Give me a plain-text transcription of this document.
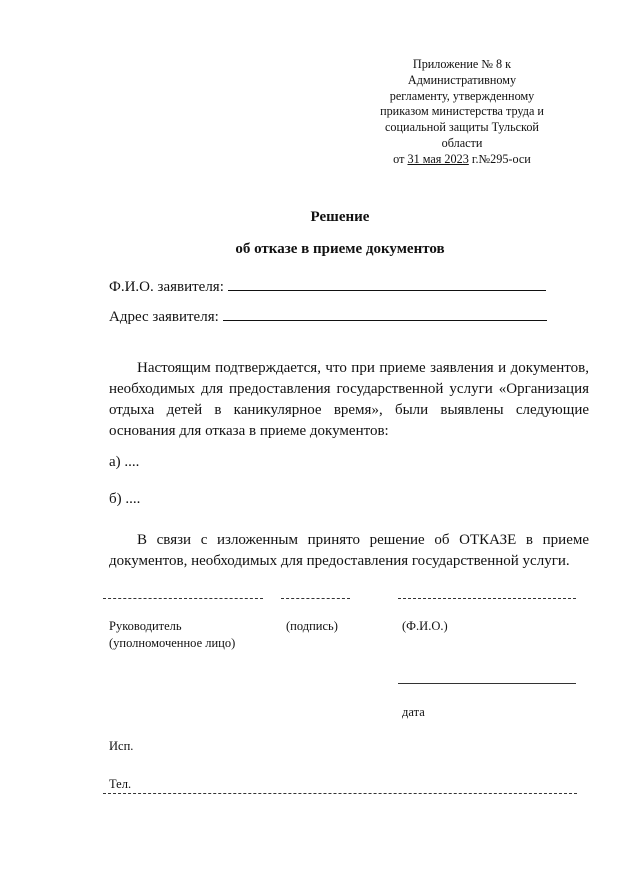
Приложение № 8 к
Административному
регламенту, утвержденному
приказом министерства труда и
социальной защиты Тульской
области
от 31 мая 2023 г.№295-оси
Решение
об отказе в приеме документов
Ф.И.О. заявителя:
Адрес заявителя:
Настоящим подтверждается, что при приеме заявления и документов, необходимых для предоставления государственной услуги «Организация отдыха детей в каникулярное время», были выявлены следующие основания для отказа в приеме документов:
а) ....
б) ....
В связи с изложенным принято решение об ОТКАЗЕ в приеме документов, необходимых для предоставления государственной услуги.
Руководитель
(уполномоченное лицо)
(подпись)	(Ф.И.О.)
дата
Исп.
Тел.
